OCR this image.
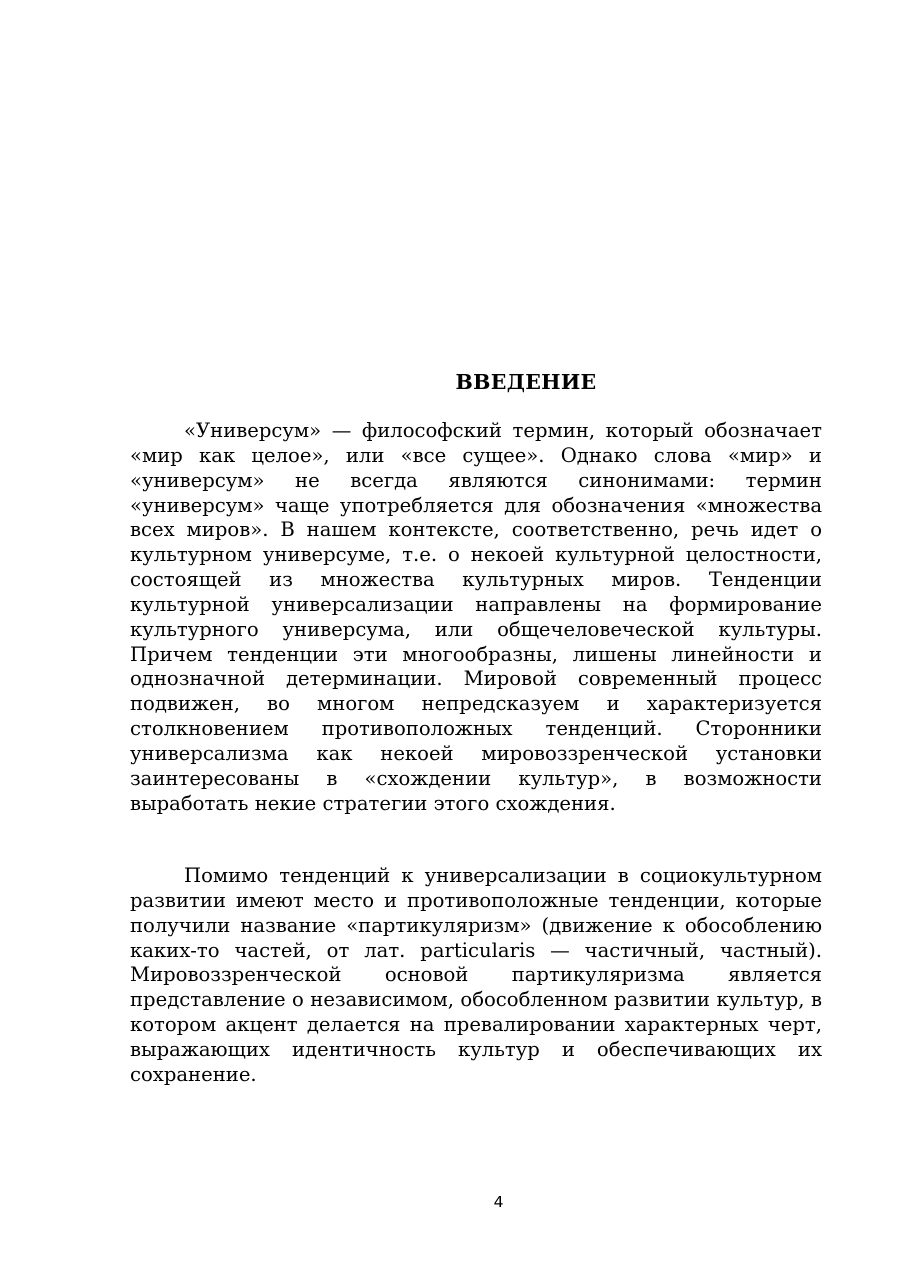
ВВЕДЕНИЕ

«Универсум» — философский термин, который обозначает «мир как целое», или «все сущее». Однако слова «мир» и «универсум» не всегда являются синонимами: термин «универсум» чаще употребляется для обозначения «множества всех миров». В нашем контексте, соответственно, речь идет о культурном универсуме, т.е. о некоей культурной целостности, состоящей из множества культурных миров. Тенденции культурной универсализации направлены на формирование культурного универсума, или общечеловеческой культуры. Причем тенденции эти многообразны, лишены линейности и однозначной детерминации. Мировой современный процесс подвижен, во многом непредсказуем и характеризуется столкновением противоположных тенденций. Сторонники универсализма как некоей мировоззренческой установки заинтересованы в «схождении культур», в возможности выработать некие стратегии этого схождения.

Помимо тенденций к универсализации в социокультурном развитии имеют место и противоположные тенденции, которые получили название «партикуляризм» (движение к обособлению каких-то частей, от лат. particularis — частичный, частный). Мировоззренческой основой партикуляризма является представление о независимом, обособленном развитии культур, в котором акцент делается на превалировании характерных черт, выражающих идентичность культур и обеспечивающих их сохранение.

4
